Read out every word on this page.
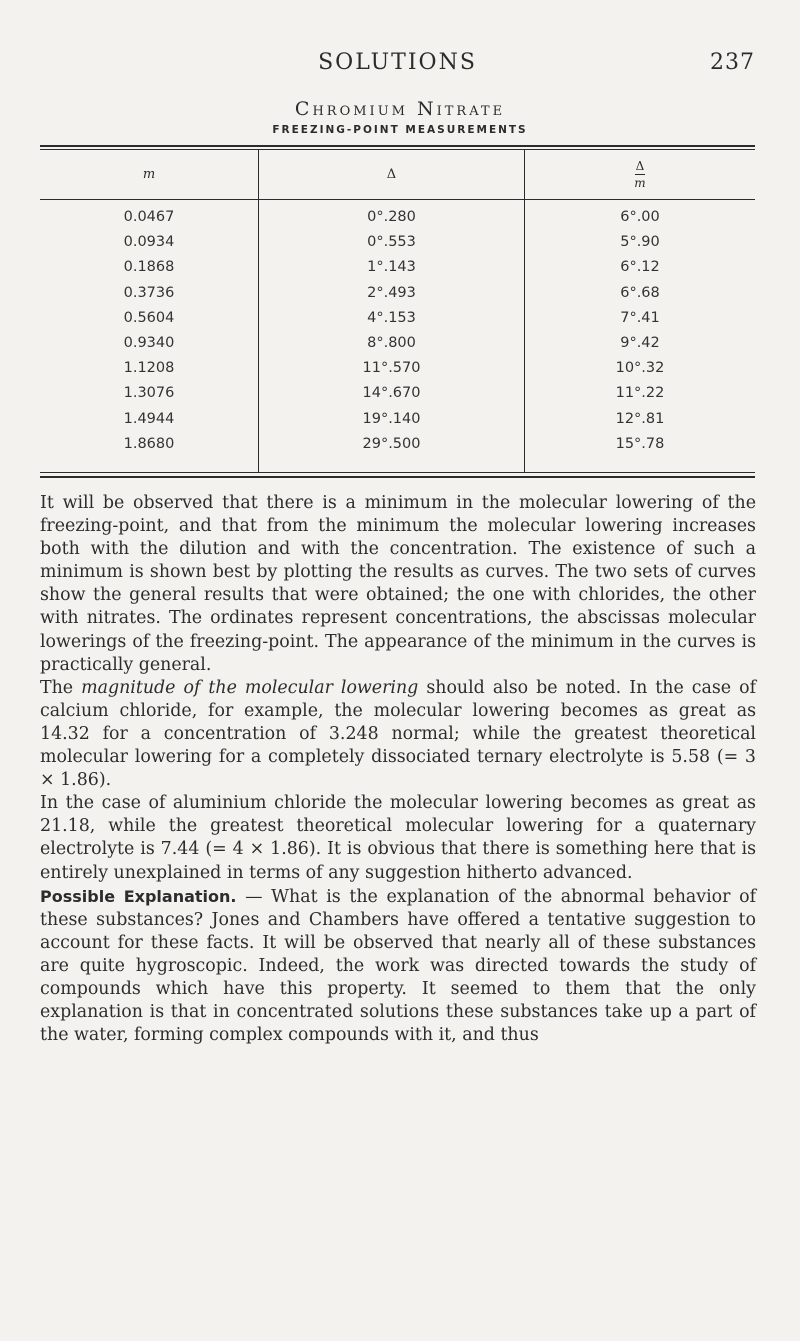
SOLUTIONS	237
Chromium Nitrate
FREEZING-POINT MEASUREMENTS
m	Δ	$\frac{\Delta}{m}$
0.0467	0°.280	6°.00
0.0934	0°.553	5°.90
0.1868	1°.143	6°.12
0.3736	2°.493	6°.68
0.5604	4°.153	7°.41
0.9340	8°.800	9°.42
1.1208	11°.570	10°.32
1.3076	14°.670	11°.22
1.4944	19°.140	12°.81
1.8680	29°.500	15°.78

It will be observed that there is a minimum in the molecular lowering of the freezing-point, and that from the minimum the molecular lowering increases both with the dilution and with the concentration. The existence of such a minimum is shown best by plotting the results as curves. The two sets of curves show the general results that were obtained; the one with chlorides, the other with nitrates. The ordinates represent concentrations, the abscissas molecular lowerings of the freezing-point. The appearance of the minimum in the curves is practically general.

The magnitude of the molecular lowering should also be noted. In the case of calcium chloride, for example, the molecular lowering becomes as great as 14.32 for a concentration of 3.248 normal; while the greatest theoretical molecular lowering for a completely dissociated ternary electrolyte is 5.58 (= 3 × 1.86).

In the case of aluminium chloride the molecular lowering becomes as great as 21.18, while the greatest theoretical molecular lowering for a quaternary electrolyte is 7.44 (= 4 × 1.86). It is obvious that there is something here that is entirely unexplained in terms of any suggestion hitherto advanced.

Possible Explanation. — What is the explanation of the abnormal behavior of these substances? Jones and Chambers have offered a tentative suggestion to account for these facts. It will be observed that nearly all of these substances are quite hygroscopic. Indeed, the work was directed towards the study of compounds which have this property. It seemed to them that the only explanation is that in concentrated solutions these substances take up a part of the water, forming complex compounds with it, and thus
